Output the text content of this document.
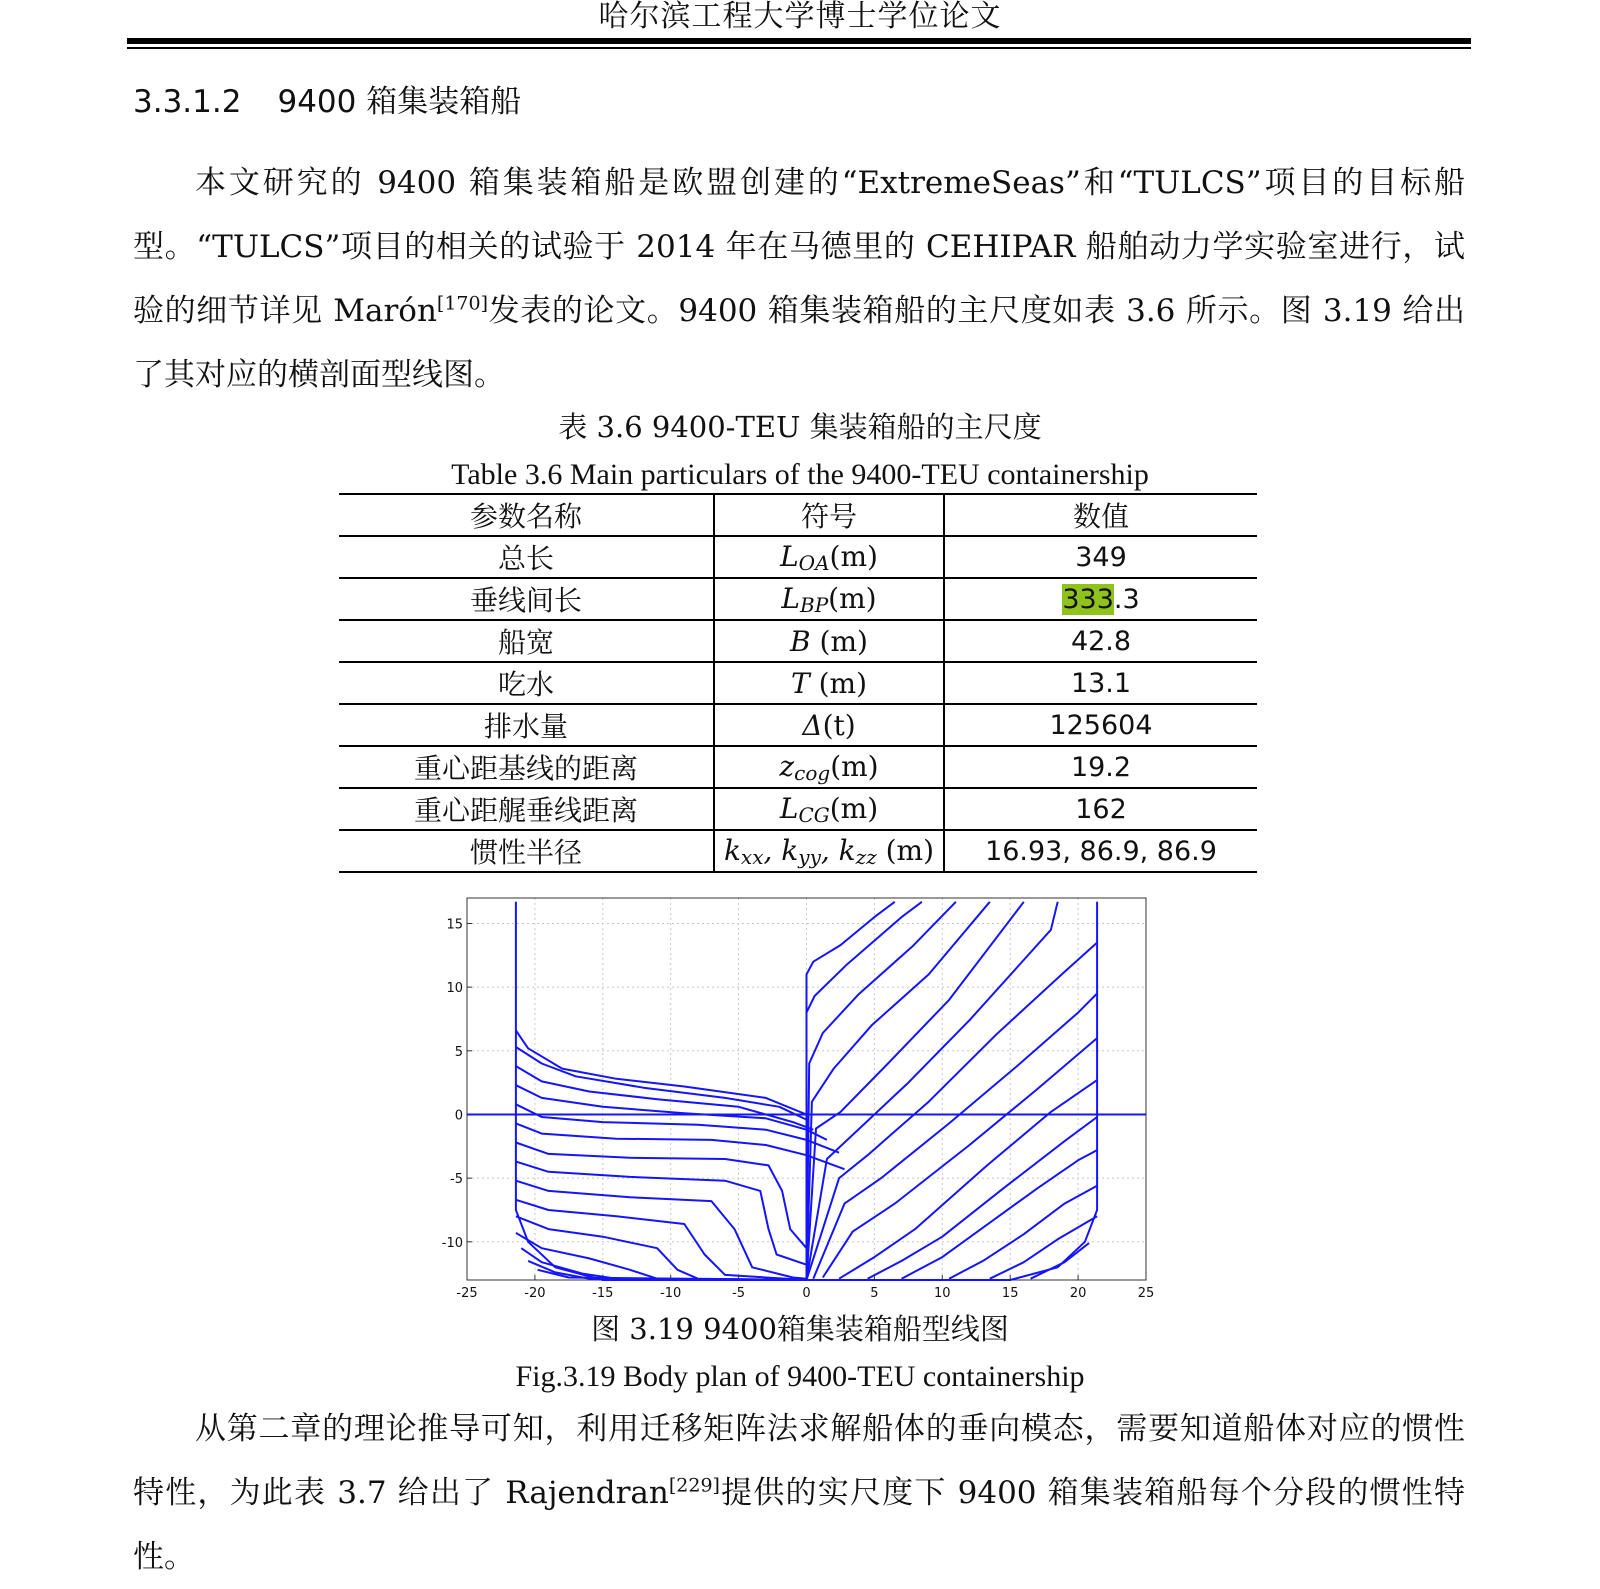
哈尔滨工程大学博士学位论文
3.3.1.2 9400 箱集装箱船
本文研究的 9400 箱集装箱船是欧盟创建的“ExtremeSeas”和“TULCS”项目的目标船型。“TULCS”项目的相关的试验于 2014 年在马德里的 CEHIPAR 船舶动力学实验室进行，试验的细节详见 Marón[170]发表的论文。9400 箱集装箱船的主尺度如表 3.6 所示。图 3.19 给出了其对应的横剖面型线图。
表 3.6 9400-TEU 集装箱船的主尺度
Table 3.6 Main particulars of the 9400-TEU containership
参数名称	符号	数值
总长	$L_{OA}(m)$	349
垂线间长	$L_{BP}(m)$	333.3
船宽	B (m)	42.8
吃水	T (m)	13.1
排水量	Δ(t)	125604
重心距基线的距离	$z_{cog}(m)$	19.2
重心距艉垂线距离	$L_{CG}(m)$	162
惯性半径	$k_{xx}$, $k_{yy}$, $k_{zz}$ (m)	16.93, 86.9, 86.9
-25	-20	-15	-10	-5	0	5	10	15	20	25
15
10
5
0
-5
-10
图 3.19 9400箱集装箱船型线图
Fig.3.19 Body plan of 9400-TEU containership
从第二章的理论推导可知，利用迁移矩阵法求解船体的垂向模态，需要知道船体对应的惯性特性，为此表 3.7 给出了 Rajendran[229]提供的实尺度下 9400 箱集装箱船每个分段的惯性特性。
